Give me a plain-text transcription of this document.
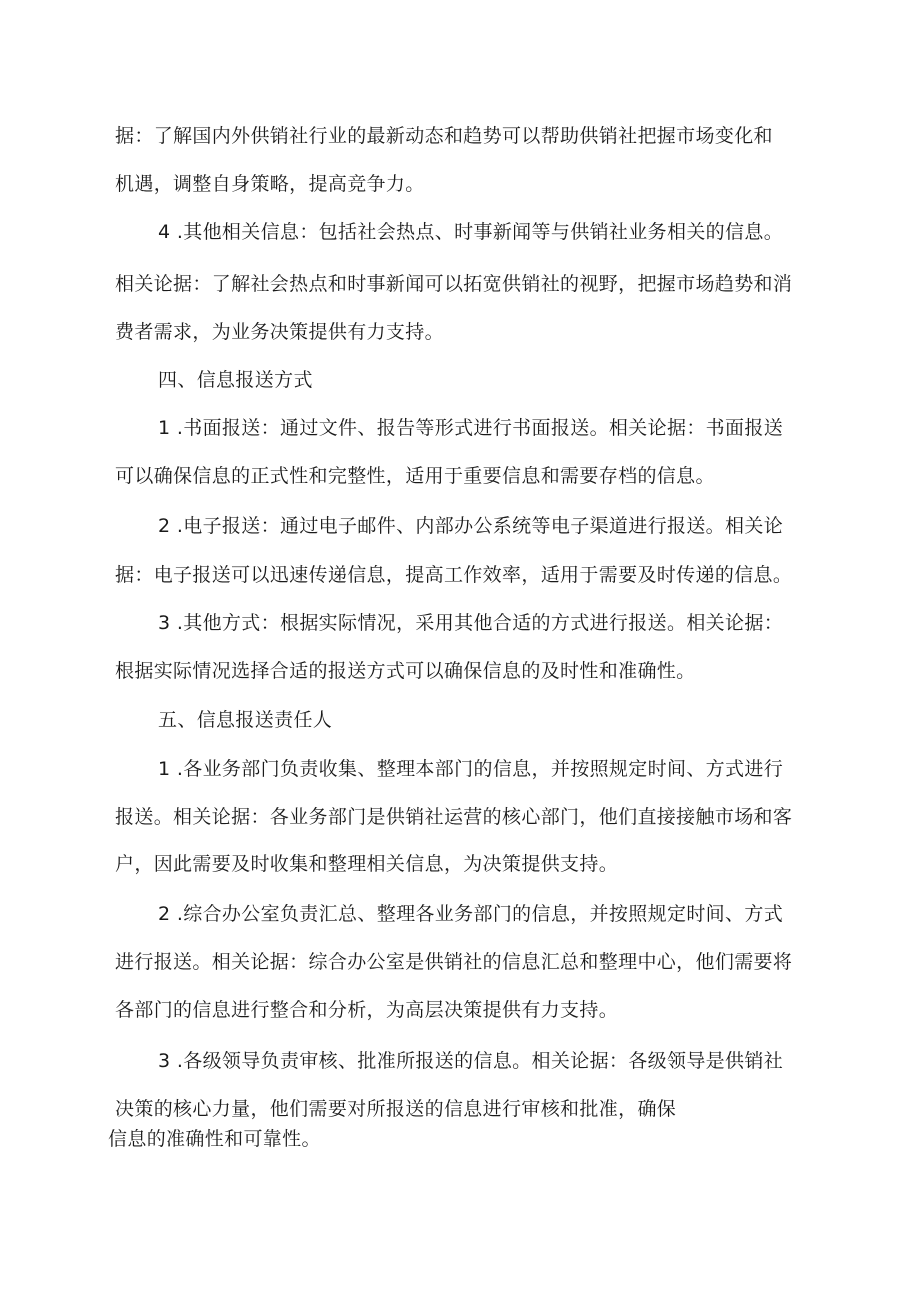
据：了解国内外供销社行业的最新动态和趋势可以帮助供销社把握市场变化和
机遇，调整自身策略，提高竞争力。
4 .其他相关信息：包括社会热点、时事新闻等与供销社业务相关的信息。
相关论据：了解社会热点和时事新闻可以拓宽供销社的视野，把握市场趋势和消
费者需求，为业务决策提供有力支持。
四、信息报送方式
1 .书面报送：通过文件、报告等形式进行书面报送。相关论据：书面报送
可以确保信息的正式性和完整性，适用于重要信息和需要存档的信息。
2 .电子报送：通过电子邮件、内部办公系统等电子渠道进行报送。相关论
据：电子报送可以迅速传递信息，提高工作效率，适用于需要及时传递的信息。
3 .其他方式：根据实际情况，采用其他合适的方式进行报送。相关论据：
根据实际情况选择合适的报送方式可以确保信息的及时性和准确性。
五、信息报送责任人
1 .各业务部门负责收集、整理本部门的信息，并按照规定时间、方式进行
报送。相关论据：各业务部门是供销社运营的核心部门，他们直接接触市场和客
户，因此需要及时收集和整理相关信息，为决策提供支持。
2 .综合办公室负责汇总、整理各业务部门的信息，并按照规定时间、方式
进行报送。相关论据：综合办公室是供销社的信息汇总和整理中心，他们需要将
各部门的信息进行整合和分析，为高层决策提供有力支持。
3 .各级领导负责审核、批准所报送的信息。相关论据：各级领导是供销社
决策的核心力量，他们需要对所报送的信息进行审核和批准，确保
信息的准确性和可靠性。
